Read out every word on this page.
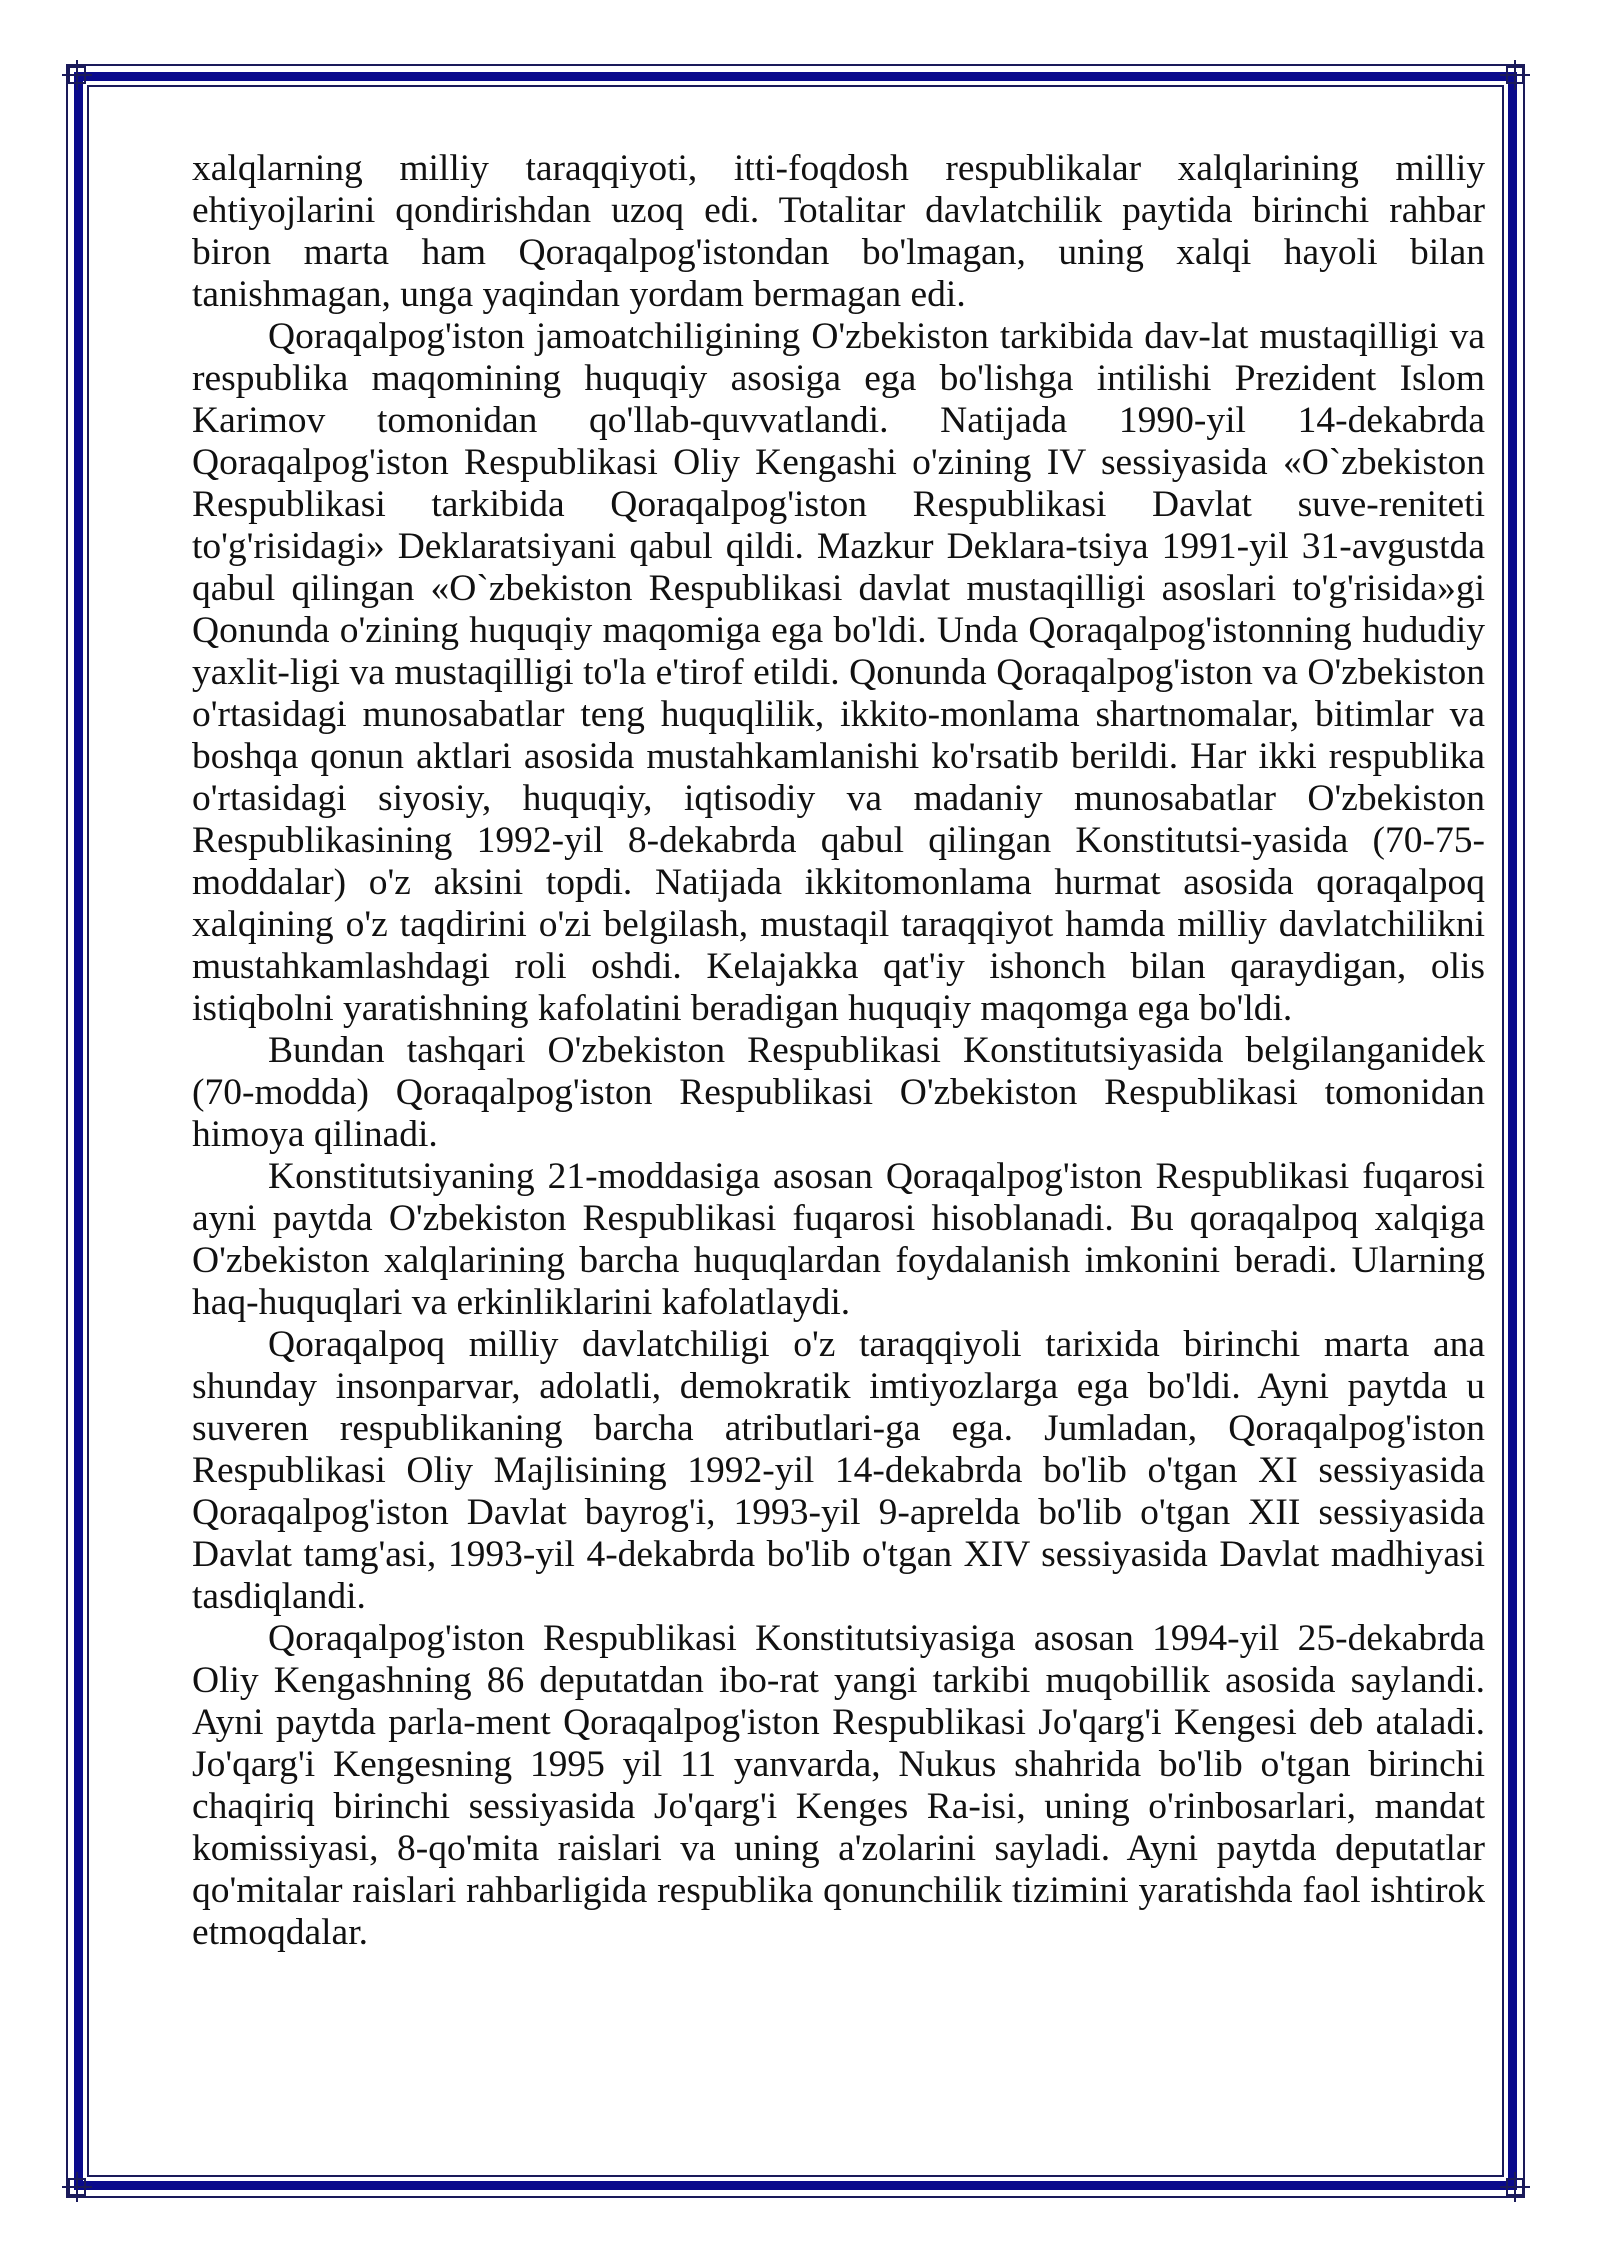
xalqlarning milliy taraqqiyoti, itti-foqdosh respublikalar xalqlarining milliy ehtiyojlarini qondirishdan uzoq edi. Totalitar davlatchilik paytida birinchi rahbar biron marta ham Qoraqalpog'istondan bo'lmagan, uning xalqi hayoli bilan tanishmagan, unga yaqindan yordam bermagan edi.

Qoraqalpog'iston jamoatchiligining O'zbekiston tarkibida dav-lat mustaqilligi va respublika maqomining huquqiy asosiga ega bo'lishga intilishi Prezident Islom Karimov tomonidan qo'llab-quvvatlandi. Natijada 1990-yil 14-dekabrda Qoraqalpog'iston Respublikasi Oliy Kengashi o'zining IV sessiyasida «O`zbekiston Respublikasi tarkibida Qoraqalpog'iston Respublikasi Davlat suve-reniteti to'g'risidagi» Deklaratsiyani qabul qildi. Mazkur Deklara-tsiya 1991-yil 31-avgustda qabul qilingan «O`zbekiston Respublikasi davlat mustaqilligi asoslari to'g'risida»gi Qonunda o'zining huquqiy maqomiga ega bo'ldi. Unda Qoraqalpog'istonning hududiy yaxlit-ligi va mustaqilligi to'la e'tirof etildi. Qonunda Qoraqalpog'iston va O'zbekiston o'rtasidagi munosabatlar teng huquqlilik, ikkito-monlama shartnomalar, bitimlar va boshqa qonun aktlari asosida mustahkamlanishi ko'rsatib berildi. Har ikki respublika o'rtasidagi siyosiy, huquqiy, iqtisodiy va madaniy munosabatlar O'zbekiston Respublikasining 1992-yil 8-dekabrda qabul qilingan Konstitutsi-yasida (70-75-moddalar) o'z aksini topdi. Natijada ikkitomonlama hurmat asosida qoraqalpoq xalqining o'z taqdirini o'zi belgilash, mustaqil taraqqiyot hamda milliy davlatchilikni mustahkamlashdagi roli oshdi. Kelajakka qat'iy ishonch bilan qaraydigan, olis istiqbolni yaratishning kafolatini beradigan huquqiy maqomga ega bo'ldi.

Bundan tashqari O'zbekiston Respublikasi Konstitutsiyasida belgilanganidek (70-modda) Qoraqalpog'iston Respublikasi O'zbekiston Respublikasi tomonidan himoya qilinadi.

Konstitutsiyaning 21-moddasiga asosan Qoraqalpog'iston Respublikasi fuqarosi ayni paytda O'zbekiston Respublikasi fuqarosi hisoblanadi. Bu qoraqalpoq xalqiga O'zbekiston xalqlarining barcha huquqlardan foydalanish imkonini beradi. Ularning haq-huquqlari va erkinliklarini kafolatlaydi.

Qoraqalpoq milliy davlatchiligi o'z taraqqiyoli tarixida birinchi marta ana shunday insonparvar, adolatli, demokratik imtiyozlarga ega bo'ldi. Ayni paytda u suveren respublikaning barcha atributlari-ga ega. Jumladan, Qoraqalpog'iston Respublikasi Oliy Majlisining 1992-yil 14-dekabrda bo'lib o'tgan XI sessiyasida Qoraqalpog'iston Davlat bayrog'i, 1993-yil 9-aprelda bo'lib o'tgan XII sessiyasida Davlat tamg'asi, 1993-yil 4-dekabrda bo'lib o'tgan XIV sessiyasida Davlat madhiyasi tasdiqlandi.

Qoraqalpog'iston Respublikasi Konstitutsiyasiga asosan 1994-yil 25-dekabrda Oliy Kengashning 86 deputatdan ibo-rat yangi tarkibi muqobillik asosida saylandi. Ayni paytda parla-ment Qoraqalpog'iston Respublikasi Jo'qarg'i Kengesi deb ataladi. Jo'qarg'i Kengesning 1995 yil 11 yanvarda, Nukus shahrida bo'lib o'tgan birinchi chaqiriq birinchi sessiyasida Jo'qarg'i Kenges Ra-isi, uning o'rinbosarlari, mandat komissiyasi, 8-qo'mita raislari va uning a'zolarini sayladi. Ayni paytda deputatlar qo'mitalar raislari rahbarligida respublika qonunchilik tizimini yaratishda faol ishtirok etmoqdalar.
